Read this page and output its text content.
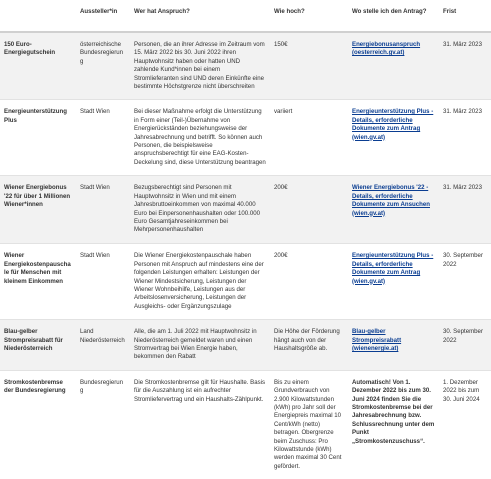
	Aussteller*in	Wer hat Anspruch?	Wie hoch?	Wo stelle ich den Antrag?	Frist
150 Euro-Energiegutschein	österreichische Bundesregierung	Personen, die an ihrer Adresse im Zeitraum vom 15. März 2022 bis 30. Juni 2022 ihren Hauptwohnsitz haben oder hatten UND zahlende Kund*innen bei einem Stromlieferanten sind UND deren Einkünfte eine bestimmte Höchstgrenze nicht überschreiten	150€	Energiebonusanspruch (oesterreich.gv.at)	31. März 2023
Energieunterstützung Plus	Stadt Wien	Bei dieser Maßnahme erfolgt die Unterstützung in Form einer (Teil-)Übernahme von Energierückständen beziehungsweise der Jahresabrechnung und betrifft. So können auch Personen, die beispielsweise anspruchsberechtigt für eine EAG-Kosten-Deckelung sind, diese Unterstützung beantragen	variiert	Energieunterstützung Plus - Details, erforderliche Dokumente zum Antrag (wien.gv.at)	31. März 2023
Wiener Energiebonus '22 für über 1 Millionen Wiener*innen	Stadt Wien	Bezugsberechtigt sind Personen mit Hauptwohnsitz in Wien und mit einem Jahresbruttoeinkommen von maximal 40.000 Euro bei Einpersonenhaushalten oder 100.000 Euro Gesamtjahreseinkommen bei Mehrpersonenhaushalten	200€	Wiener Energiebonus '22 - Details, erforderliche Dokumente zum Ansuchen (wien.gv.at)	31. März 2023
Wiener Energiekostenpauschale für Menschen mit kleinem Einkommen	Stadt Wien	Die Wiener Energiekostenpauschale haben Personen mit Anspruch auf mindestens eine der folgenden Leistungen erhalten: Leistungen der Wiener Mindestsicherung, Leistungen der Wiener Wohnbeihilfe, Leistungen aus der Arbeitslosenversicherung, Leistungen der Ausgleichs- oder Ergänzungszulage	200€	Energieunterstützung Plus - Details, erforderliche Dokumente zum Antrag (wien.gv.at)	30. September 2022
Blau-gelber Strompreisrabatt für Niederösterreich	Land Niederösterreich	Alle, die am 1. Juli 2022 mit Hauptwohnsitz in Niederösterreich gemeldet waren und einen Stromvertrag bei Wien Energie haben, bekommen den Rabatt	Die Höhe der Förderung hängt auch von der Haushaltsgröße ab.	Blau-gelber Strompreisrabatt (wienenergie.at)	30. September 2022
Stromkostenbremse der Bundesregierung	Bundesregierung	Die Stromkostenbremse gilt für Haushalte. Basis für die Auszahlung ist ein aufrechter Stromliefervertrag und ein Haushalts-Zählpunkt.	Bis zu einem Grundverbrauch von 2.900 Kilowattstunden (kWh) pro Jahr soll der Energiepreis maximal 10 Cent/kWh (netto) betragen. Obergrenze beim Zuschuss: Pro Kilowattstunde (kWh) werden maximal 30 Cent gefördert.	Automatisch! Von 1. Dezember 2022 bis zum 30. Juni 2024 finden Sie die Stromkostenbremse bei der Jahresabrechnung bzw. Schlussrechnung unter dem Punkt „Stromkostenzuschuss“.	1. Dezember 2022 bis zum 30. Juni 2024
